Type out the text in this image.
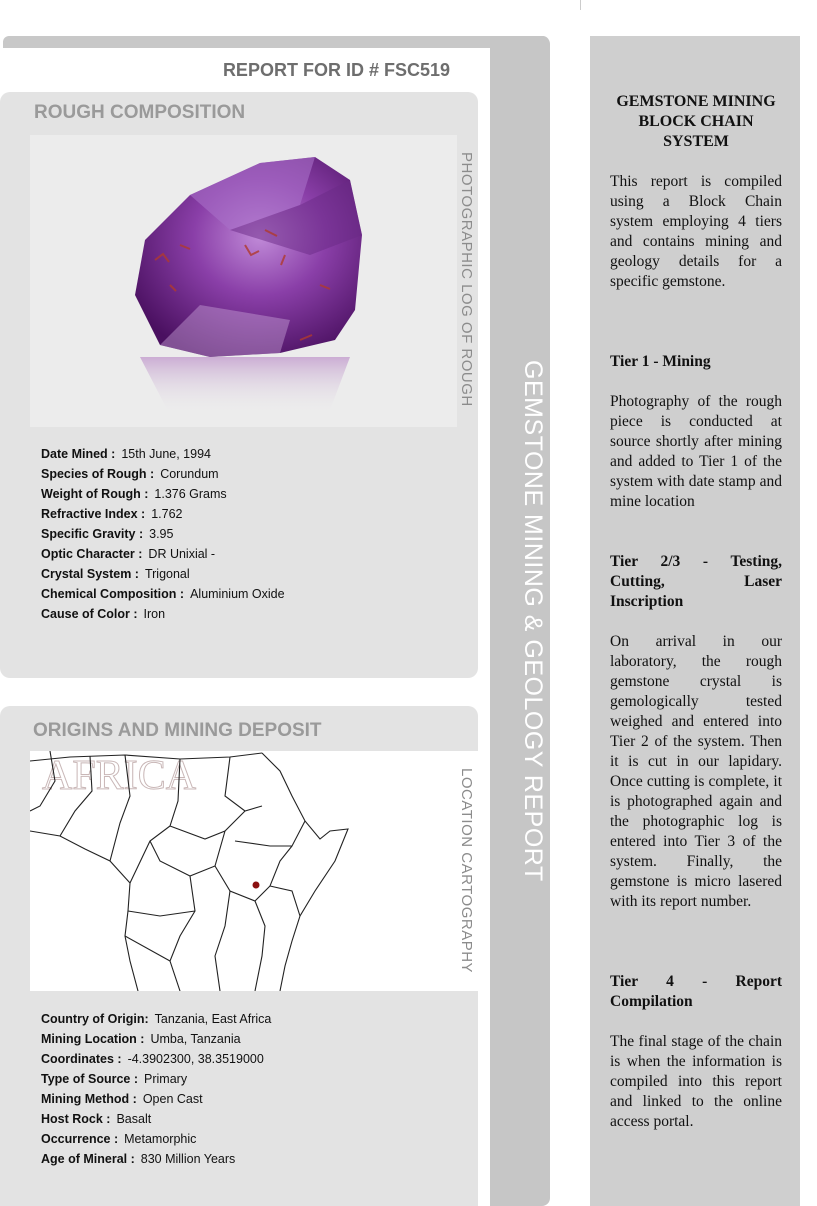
GEMSTONE MINING & GEOLOGY REPORT
REPORT FOR ID # FSC519
ROUGH COMPOSITION
PHOTOGRAPHIC LOG OF ROUGH
Date Mined : 15th June, 1994
Species of Rough : Corundum
Weight of Rough : 1.376 Grams
Refractive Index : 1.762
Specific Gravity : 3.95
Optic Character : DR Unixial -
Crystal System : Trigonal
Chemical Composition : Aluminium Oxide
Cause of Color : Iron
ORIGINS AND MINING DEPOSIT
AFRICA	LOCATION CARTOGRAPHY
Country of Origin: Tanzania, East Africa
Mining Location : Umba, Tanzania
Coordinates : -4.3902300, 38.3519000
Type of Source : Primary
Mining Method : Open Cast
Host Rock : Basalt
Occurrence : Metamorphic
Age of Mineral : 830 Million Years
GEMSTONE MINING BLOCK CHAIN SYSTEM
This report is compiled using a Block Chain system employing 4 tiers and contains mining and geology details for a specific gemstone.
Tier 1 - Mining
Photography of the rough piece is conducted at source shortly after mining and added to Tier 1 of the system with date stamp and mine location
Tier 2/3 - Testing, Cutting, Laser Inscription
On arrival in our laboratory, the rough gemstone crystal is gemologically tested weighed and entered into Tier 2 of the system. Then it is cut in our lapidary. Once cutting is complete, it is photographed again and the photographic log is entered into Tier 3 of the system. Finally, the gemstone is micro lasered with its report number.
Tier 4 - Report Compilation
The final stage of the chain is when the information is compiled into this report and linked to the online access portal.
